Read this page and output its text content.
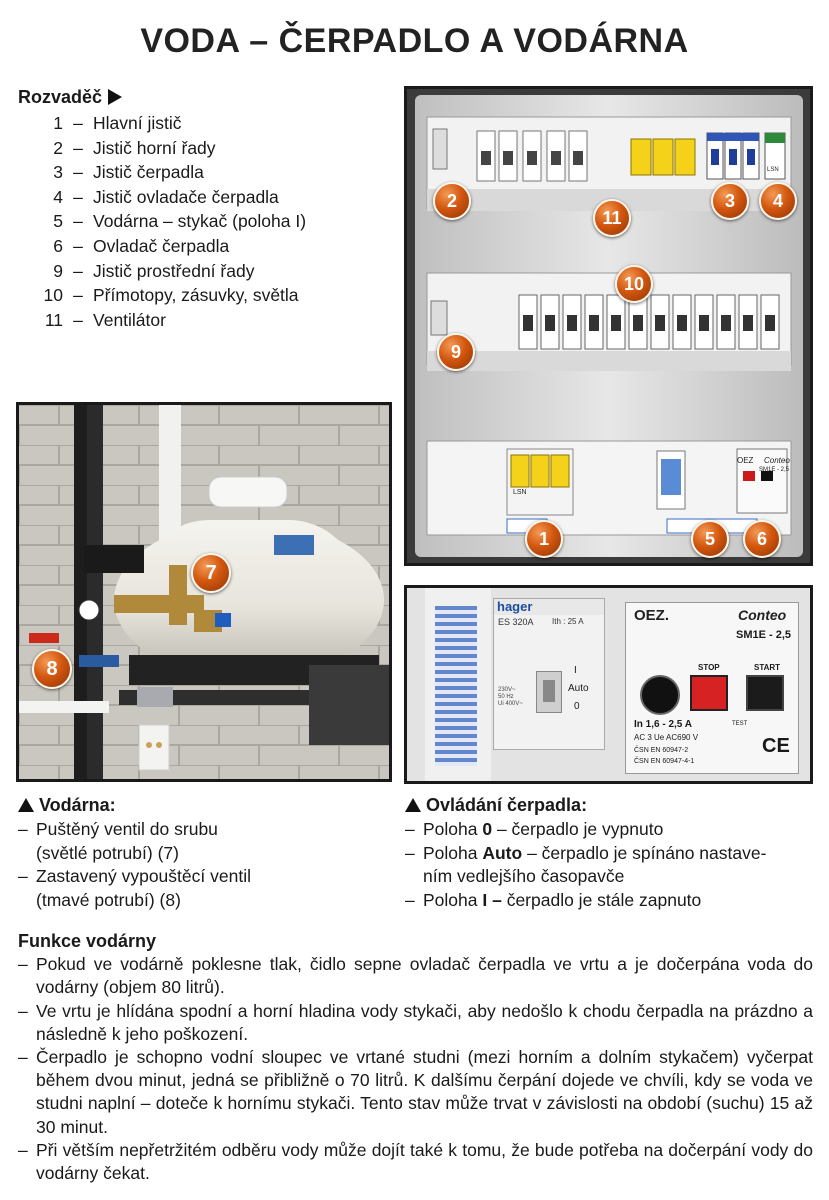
VODA – ČERPADLO A VODÁRNA
Rozvaděč
1 – Hlavní jistič
2 – Jistič horní řady
3 – Jistič čerpadla
4 – Jistič ovladače čerpadla
5 – Vodárna – stykač (poloha I)
6 – Ovladač čerpadla
9 – Jistič prostřední řady
10 – Přímotopy, zásuvky, světla
11 – Ventilátor
Conteo
OEZ
SM1E - 2,5
LSN
LSN
2
11
3	4
10
9
1	5	6
7
8
hager
ES 320A Ith : 25 A
I
Auto
0
230V~
50 Hz
Ui 400V~
OEZ.	Conteo
SM1E - 2,5
STOP	START
In 1,6 - 2,5 A
AC 3 Ue AC690 V
ČSN EN 60947-2
ČSN EN 60947-4-1
TEST
CE
Vodárna:
– Puštěný ventil do srubu
(světlé potrubí) (7)
– Zastavený vypouštěcí ventil
(tmavé potrubí) (8)
Ovládání čerpadla:
– Poloha 0 – čerpadlo je vypnuto
– Poloha Auto – čerpadlo je spínáno nastave-
ním vedlejšího časopavče
– Poloha I – čerpadlo je stále zapnuto
Funkce vodárny
– Pokud ve vodárně poklesne tlak, čidlo sepne ovladač čerpadla ve vrtu a je dočerpána voda do vodárny (objem 80 litrů).
– Ve vrtu je hlídána spodní a horní hladina vody stykači, aby nedošlo k chodu čerpadla na prázdno a následně k jeho poškození.
– Čerpadlo je schopno vodní sloupec ve vrtané studni (mezi horním a dolním stykačem) vyčerpat během dvou minut, jedná se přibližně o 70 litrů. K dalšímu čerpání dojede ve chvíli, kdy se voda ve studni naplní – doteče k hornímu stykači. Tento stav může trvat v závislosti na období (suchu) 15 až 30 minut.
– Při větším nepřetržitém odběru vody může dojít také k tomu, že bude potřeba na dočerpání vody do vodárny čekat.
